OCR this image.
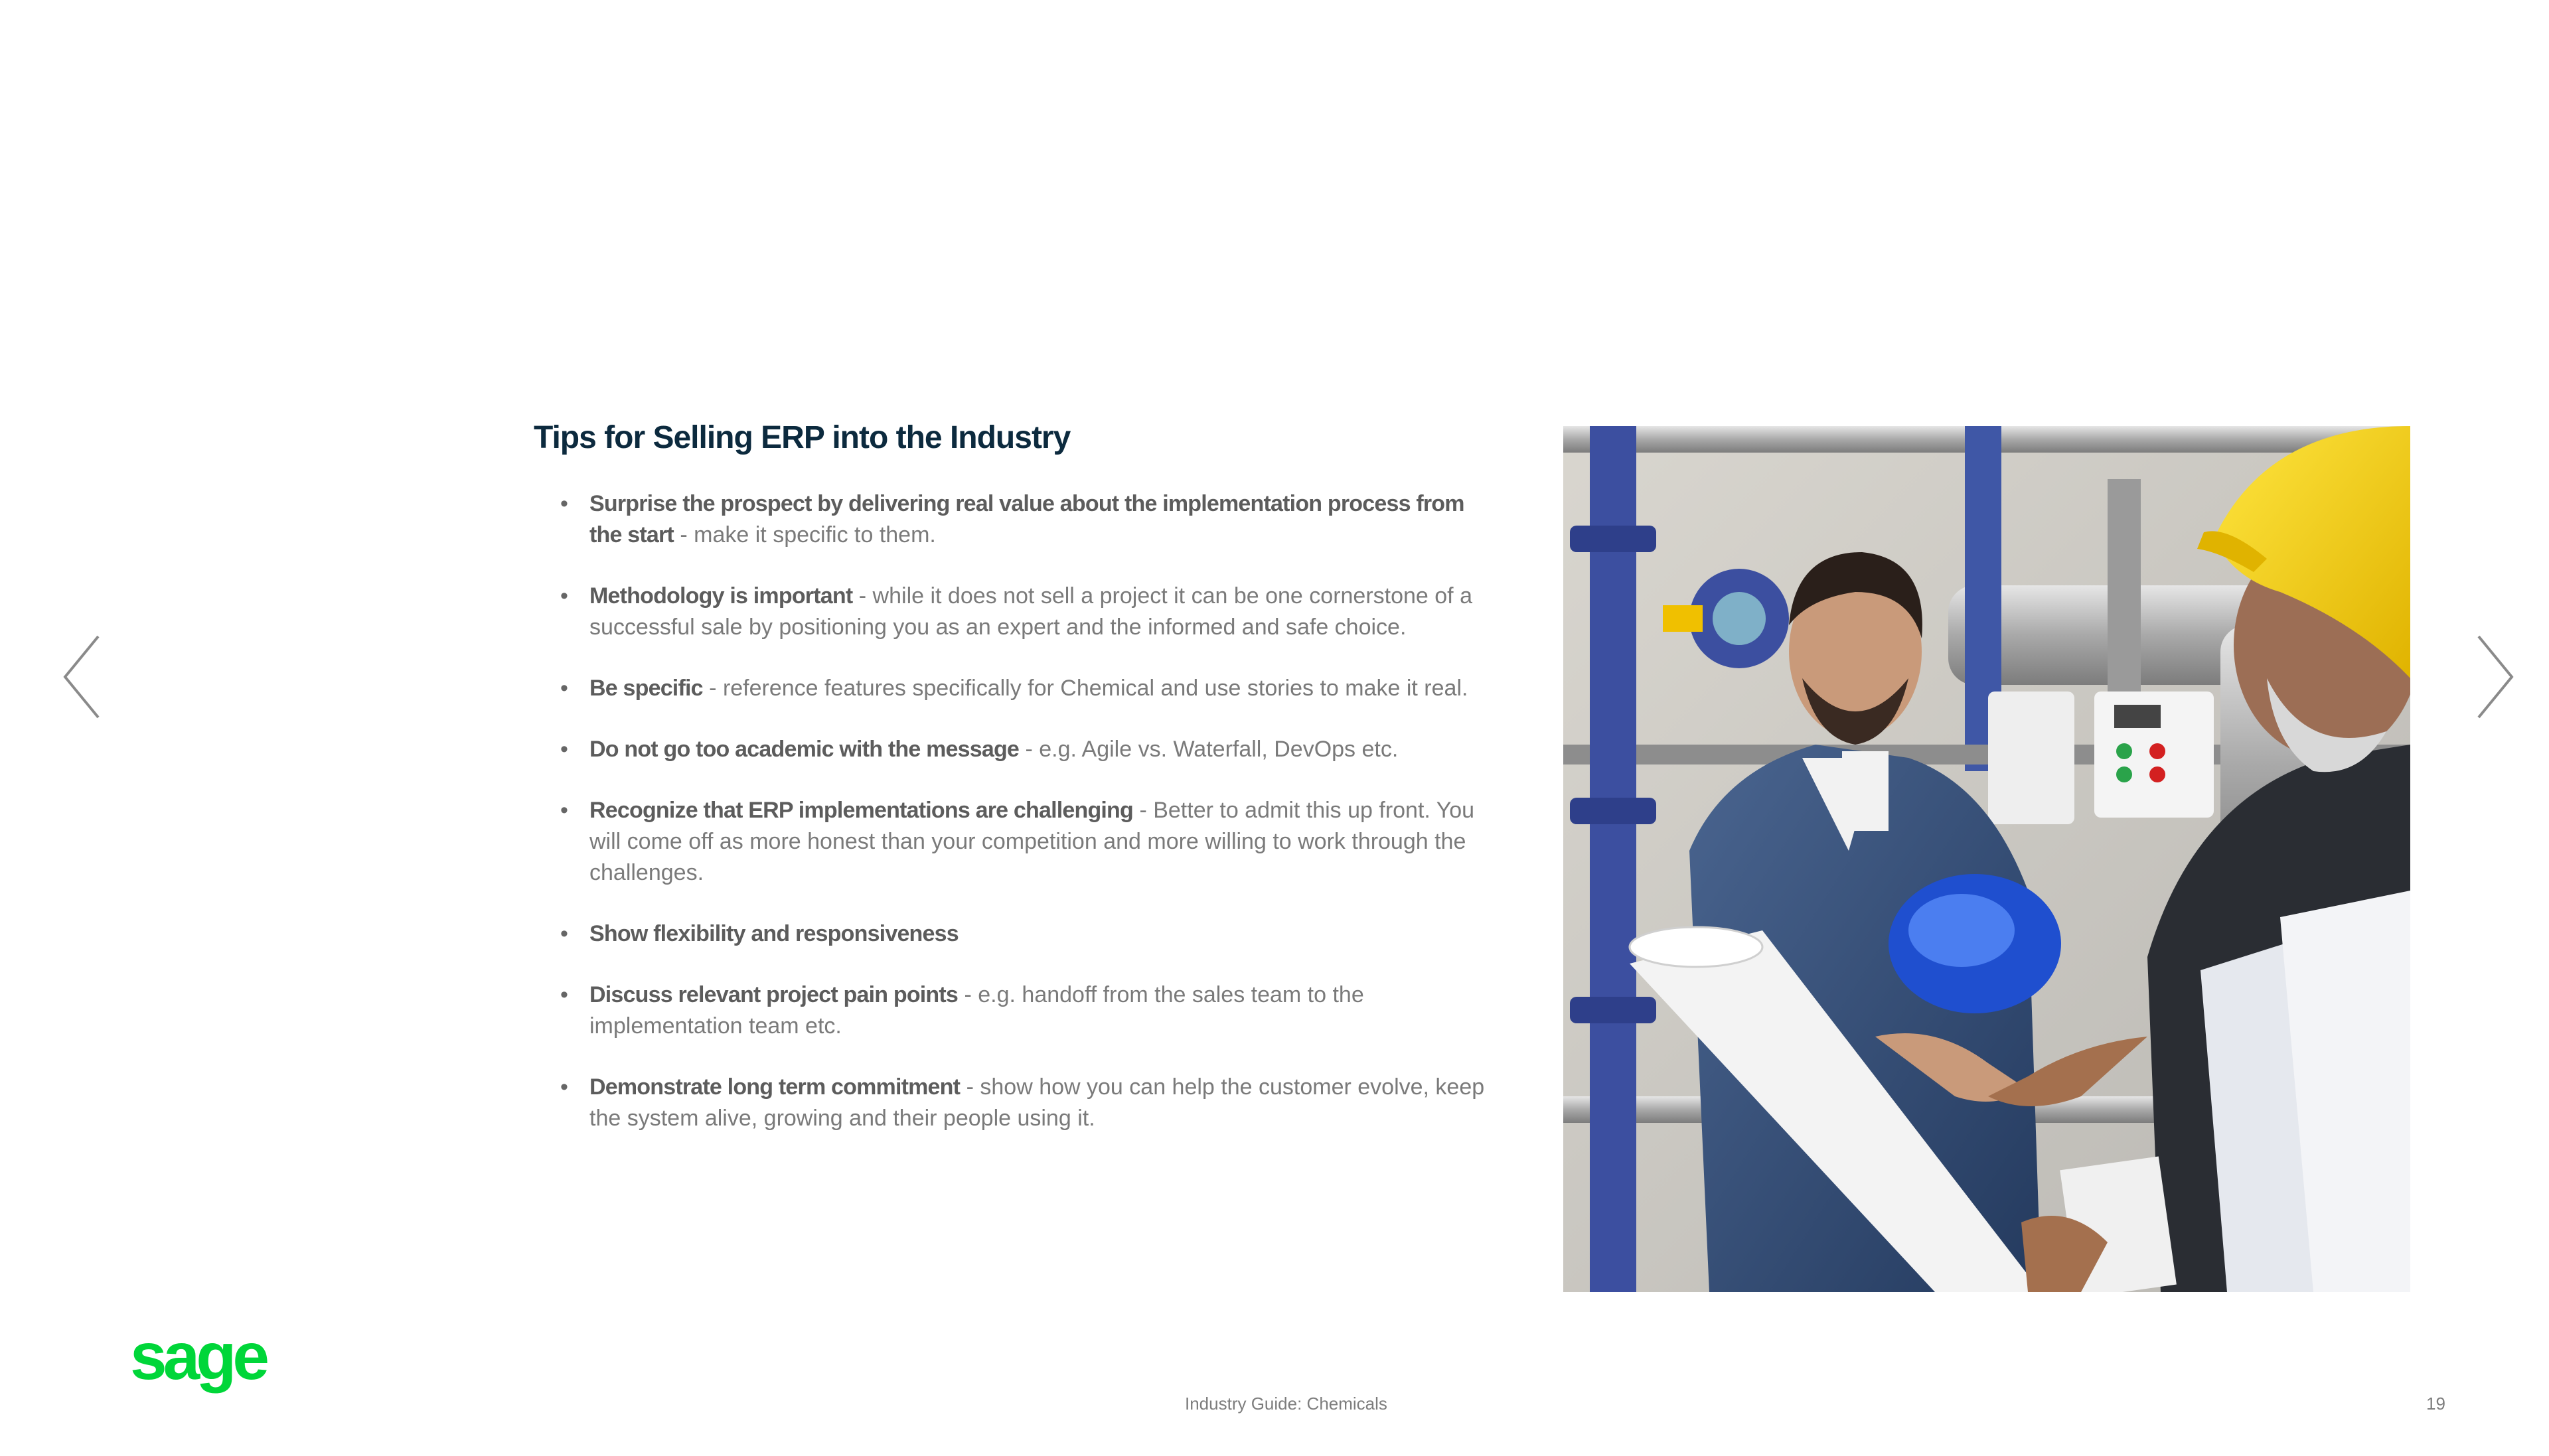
Tips for Selling ERP into the Industry
• Surprise the prospect by delivering real value about the implementation process from the start - make it specific to them.
• Methodology is important - while it does not sell a project it can be one cornerstone of a successful sale by positioning you as an expert and the informed and safe choice.
• Be specific - reference features specifically for Chemical and use stories to make it real.
• Do not go too academic with the message - e.g. Agile vs. Waterfall, DevOps etc.
• Recognize that ERP implementations are challenging - Better to admit this up front. You will come off as more honest than your competition and more willing to work through the challenges.
• Show flexibility and responsiveness
• Discuss relevant project pain points - e.g. handoff from the sales team to the implementation team etc.
• Demonstrate long term commitment - show how you can help the customer evolve, keep the system alive, growing and their people using it.
sage
Industry Guide: Chemicals	19
